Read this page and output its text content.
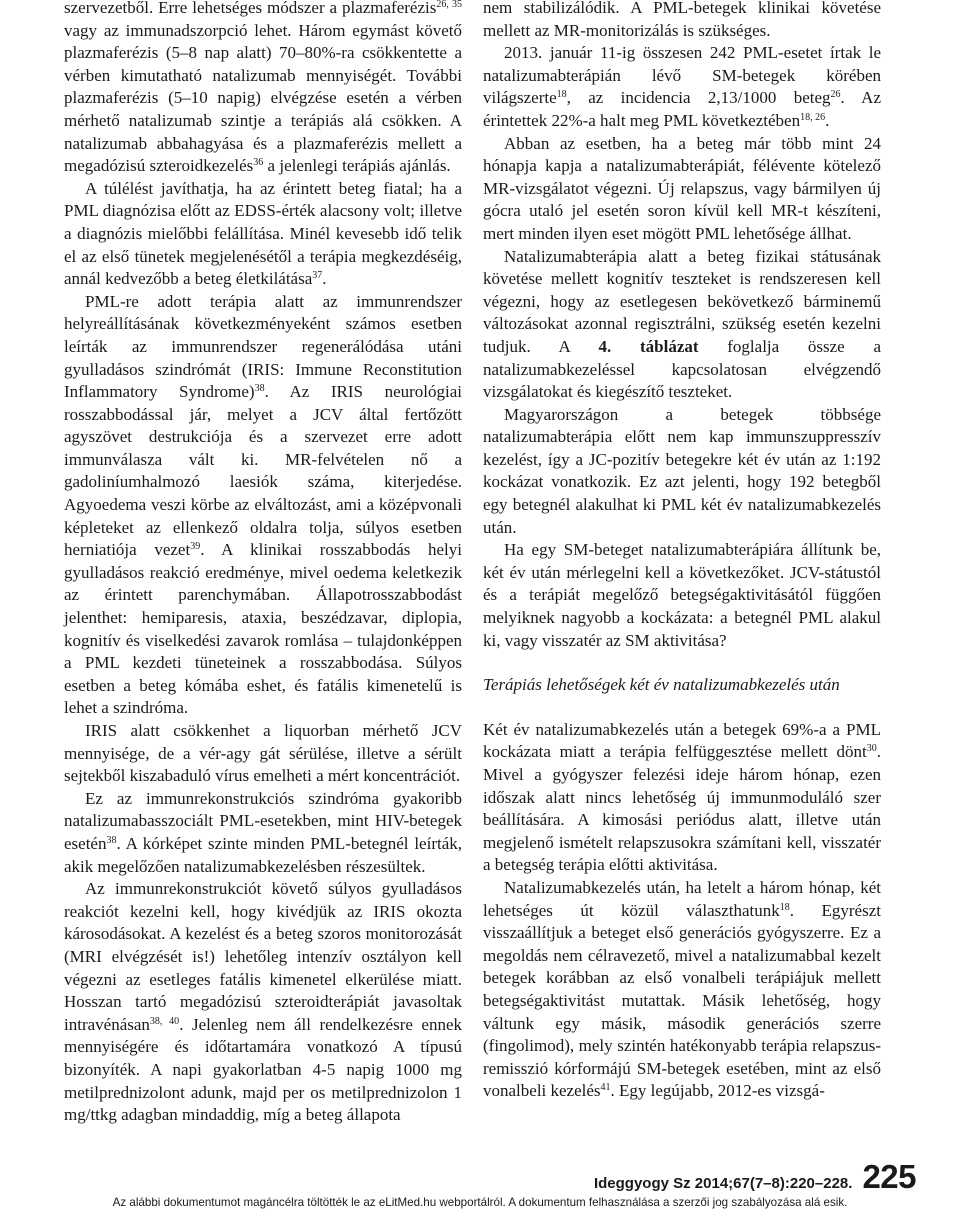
szervezetből. Erre lehetséges módszer a plazmaferézis$^{26, 35}$ vagy az immunadszorpció lehet. Három egymást követő plazmaferézis (5–8 nap alatt) 70–80%-ra csökkentette a vérben kimutatható natalizumab mennyiségét. További plazmaferézis (5–10 napig) elvégzése esetén a vérben mérhető natalizumab szintje a terápiás alá csökken. A natalizumab abbahagyása és a plazmaferézis mellett a megadózisú szteroidkezelés$^{36}$ a jelenlegi terápiás ajánlás.

A túlélést javíthatja, ha az érintett beteg fiatal; ha a PML diagnózisa előtt az EDSS-érték alacsony volt; illetve a diagnózis mielőbbi felállítása. Minél kevesebb idő telik el az első tünetek megjelenésétől a terápia megkezdéséig, annál kedvezőbb a beteg életkilátása$^{37}$.

PML-re adott terápia alatt az immunrendszer helyreállításának következményeként számos esetben leírták az immunrendszer regenerálódása utáni gyulladásos szindrómát (IRIS: Immune Reconstitution Inflammatory Syndrome)$^{38}$. Az IRIS neurológiai rosszabbodással jár, melyet a JCV által fertőzött agyszövet destrukciója és a szervezet erre adott immunválasza vált ki. MR-felvételen nő a gadoliníumhalmozó laesiók száma, kiterjedése. Agyoedema veszi körbe az elváltozást, ami a középvonali képleteket az ellenkező oldalra tolja, súlyos esetben herniatiója vezet$^{39}$. A klinikai rosszabbodás helyi gyulladásos reakció eredménye, mivel oedema keletkezik az érintett parenchymában. Állapotrosszabbodást jelenthet: hemiparesis, ataxia, beszédzavar, diplopia, kognitív és viselkedési zavarok romlása – tulajdonképpen a PML kezdeti tüneteinek a rosszabbodása. Súlyos esetben a beteg kómába eshet, és fatális kimenetelű is lehet a szindróma.

IRIS alatt csökkenhet a liquorban mérhető JCV mennyisége, de a vér-agy gát sérülése, illetve a sérült sejtekből kiszabaduló vírus emelheti a mért koncentrációt.

Ez az immunrekonstrukciós szindróma gyakoribb natalizumabasszociált PML-esetekben, mint HIV-betegek esetén$^{38}$. A kórképet szinte minden PML-betegnél leírták, akik megelőzően natalizumabkezelésben részesültek.

Az immunrekonstrukciót követő súlyos gyulladásos reakciót kezelni kell, hogy kivédjük az IRIS okozta károsodásokat. A kezelést és a beteg szoros monitorozását (MRI elvégzését is!) lehetőleg intenzív osztályon kell végezni az esetleges fatális kimenetel elkerülése miatt. Hosszan tartó megadózisú szteroidterápiát javasoltak intravénásan$^{38, 40}$. Jelenleg nem áll rendelkezésre ennek mennyiségére és időtartamára vonatkozó A típusú bizonyíték. A napi gyakorlatban 4-5 napig 1000 mg metilprednizolont adunk, majd per os metilprednizolon 1 mg/ttkg adagban mindaddig, míg a beteg állapota

nem stabilizálódik. A PML-betegek klinikai követése mellett az MR-monitorizálás is szükséges.

2013. január 11-ig összesen 242 PML-esetet írtak le natalizumabterápián lévő SM-betegek körében világszerte$^{18}$, az incidencia 2,13/1000 beteg$^{26}$. Az érintettek 22%-a halt meg PML következtében$^{18, 26}$.

Abban az esetben, ha a beteg már több mint 24 hónapja kapja a natalizumabterápiát, félévente kötelező MR-vizsgálatot végezni. Új relapszus, vagy bármilyen új gócra utaló jel esetén soron kívül kell MR-t készíteni, mert minden ilyen eset mögött PML lehetősége állhat.

Natalizumabterápia alatt a beteg fizikai státusának követése mellett kognitív teszteket is rendszeresen kell végezni, hogy az esetlegesen bekövetkező bárminemű változásokat azonnal regisztrálni, szükség esetén kezelni tudjuk. A 4. táblázat foglalja össze a natalizumabkezeléssel kapcsolatosan elvégzendő vizsgálatokat és kiegészítő teszteket.

Magyarországon a betegek többsége natalizumabterápia előtt nem kap immunszuppresszív kezelést, így a JC-pozitív betegekre két év után az 1:192 kockázat vonatkozik. Ez azt jelenti, hogy 192 betegből egy betegnél alakulhat ki PML két év natalizumabkezelés után.

Ha egy SM-beteget natalizumabterápiára állítunk be, két év után mérlegelni kell a következőket. JCV-státustól és a terápiát megelőző betegségaktivitásától függően melyiknek nagyobb a kockázata: a betegnél PML alakul ki, vagy visszatér az SM aktivitása?

Terápiás lehetőségek két év natalizumabkezelés után

Két év natalizumabkezelés után a betegek 69%-a a PML kockázata miatt a terápia felfüggesztése mellett dönt$^{30}$. Mivel a gyógyszer felezési ideje három hónap, ezen időszak alatt nincs lehetőség új immunmoduláló szer beállítására. A kimosási periódus alatt, illetve után megjelenő ismételt relapszusokra számítani kell, visszatér a betegség terápia előtti aktivitása.

Natalizumabkezelés után, ha letelt a három hónap, két lehetséges út közül választhatunk$^{18}$. Egyrészt visszaállítjuk a beteget első generációs gyógyszerre. Ez a megoldás nem célravezető, mivel a natalizumabbal kezelt betegek korábban az első vonalbeli terápiájuk mellett betegségaktivitást mutattak. Másik lehetőség, hogy váltunk egy másik, második generációs szerre (fingolimod), mely szintén hatékonyabb terápia relapszus-remisszió kórformájú SM-betegek esetében, mint az első vonalbeli kezelés$^{41}$. Egy legújabb, 2012-es vizsgá-

Ideggyogy Sz 2014;67(7–8):220–228. 225
Az alábbi dokumentumot magáncélra töltötték le az eLitMed.hu webportálról. A dokumentum felhasználása a szerzői jog szabályozása alá esik.
